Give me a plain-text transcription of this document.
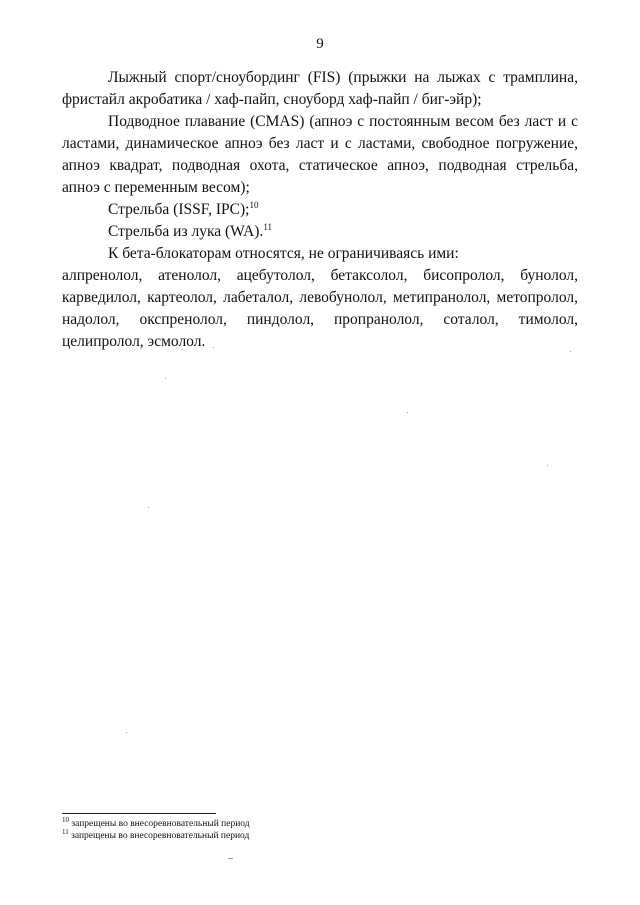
9

Лыжный спорт/сноубординг (FIS) (прыжки на лыжах с трамплина, фристайл акробатика / хаф-пайп, сноуборд хаф-пайп / биг-эйр);

Подводное плавание (CMAS) (апноэ с постоянным весом без ласт и с ластами, динамическое апноэ без ласт и с ластами, свободное погружение, апноэ квадрат, подводная охота, статическое апноэ, подводная стрельба, апноэ с переменным весом);

Стрельба (ISSF, IPC);$^{10}$

Стрельба из лука (WA).$^{11}$

К бета-блокаторам относятся, не ограничиваясь ими:

алпренолол, атенолол, ацебутолол, бетаксолол, бисопролол, бунолол, карведилол, картеолол, лабеталол, левобунолол, метипранолол, метопролол, надолол, окспренолол, пиндолол, пропранолол, соталол, тимолол, целипролол, эсмолол.

$^{10}$ запрещены во внесоревновательный период
$^{11}$ запрещены во внесоревновательный период
